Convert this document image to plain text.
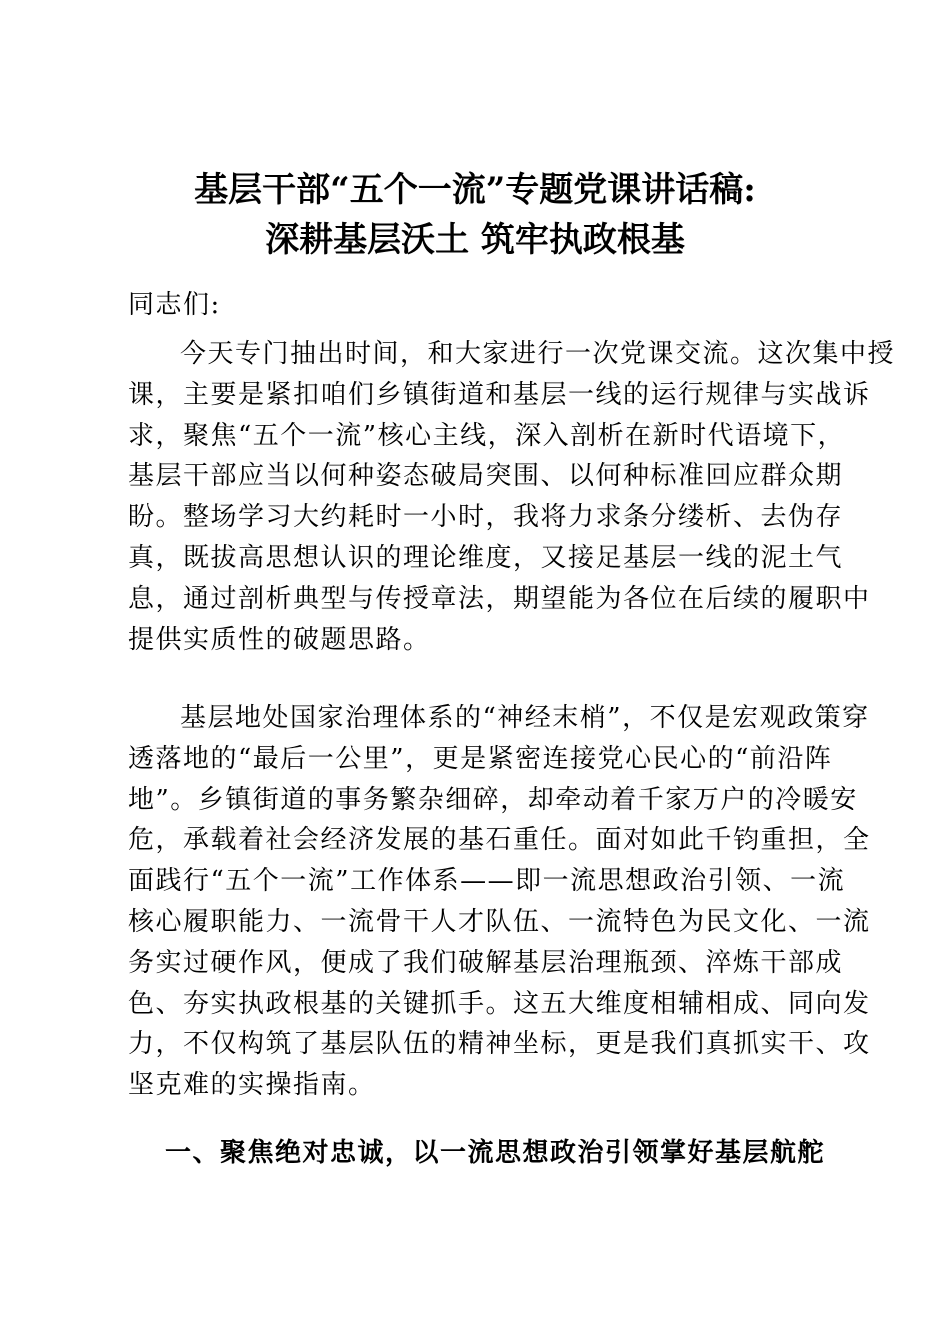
基层干部“五个一流”专题党课讲话稿:
深耕基层沃土 筑牢执政根基
同志们:
今天专门抽出时间，和大家进行一次党课交流。这次集中授
课，主要是紧扣咱们乡镇街道和基层一线的运行规律与实战诉
求，聚焦“五个一流”核心主线，深入剖析在新时代语境下，
基层干部应当以何种姿态破局突围、以何种标准回应群众期
盼。整场学习大约耗时一小时，我将力求条分缕析、去伪存
真，既拔高思想认识的理论维度，又接足基层一线的泥土气
息，通过剖析典型与传授章法，期望能为各位在后续的履职中
提供实质性的破题思路。
基层地处国家治理体系的“神经末梢”，不仅是宏观政策穿
透落地的“最后一公里”，更是紧密连接党心民心的“前沿阵
地”。乡镇街道的事务繁杂细碎，却牵动着千家万户的冷暖安
危，承载着社会经济发展的基石重任。面对如此千钧重担，全
面践行“五个一流”工作体系——即一流思想政治引领、一流
核心履职能力、一流骨干人才队伍、一流特色为民文化、一流
务实过硬作风，便成了我们破解基层治理瓶颈、淬炼干部成
色、夯实执政根基的关键抓手。这五大维度相辅相成、同向发
力，不仅构筑了基层队伍的精神坐标，更是我们真抓实干、攻
坚克难的实操指南。
一、聚焦绝对忠诚，以一流思想政治引领掌好基层航舵
